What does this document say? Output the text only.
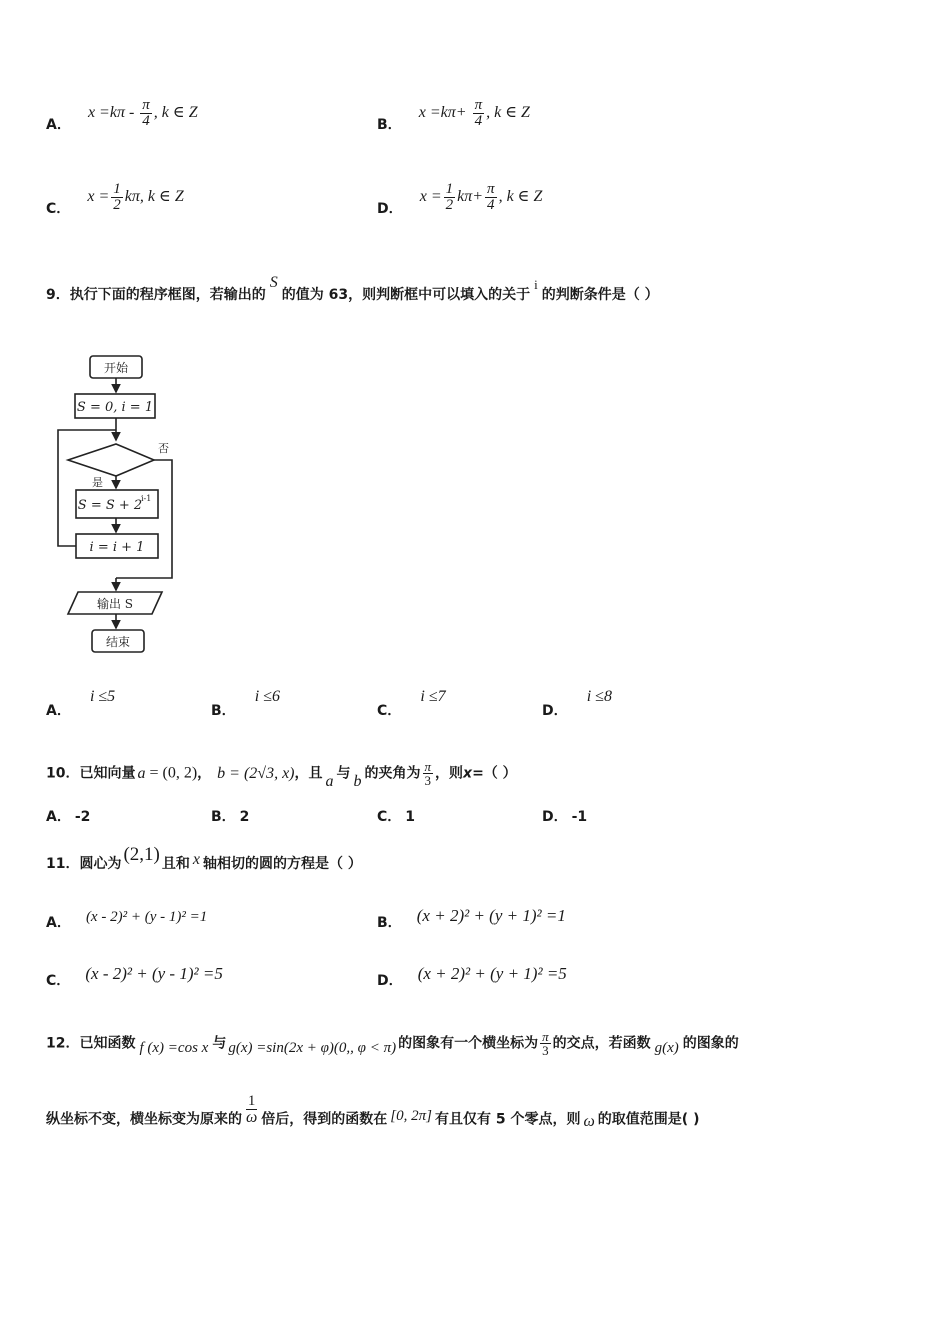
A． $x =k\pi - \frac{\pi}{4}$ , k ∈ Z
B． $x =k\pi+ \frac{\pi}{4}$ , k ∈ Z
C． $x = \frac{1}{2} k\pi$, k ∈ Z
D． $x = \frac{1}{2} k\pi+ \frac{\pi}{4}$ , k ∈ Z
9．执行下面的程序框图，若输出的S的值为 63，则判断框中可以填入的关于i的判断条件是（ ）
开始
S = 0, i = 1
否
是
S = S + 2
i-1
i = i + 1
输出 S
结束
A． i ≤5
B． i ≤6
C． i ≤7
D． i ≤8
10．已知向量 a = (0, 2)， b = (2√3, x)，且 a 与 b 的夹角为 $\frac{\pi}{3}$ ，则x=（ ）
A． -2	B． 2	C． 1	D． -1
11．圆心为 (2,1) 且和 x 轴相切的圆的方程是（ ）
A． (x - 2)² + (y - 1)² =1	B． (x + 2)² + (y + 1)² =1
C． (x - 2)² + (y - 1)² =5	D． (x + 2)² + (y + 1)² =5
12．已知函数 f (x) =cos x 与 g(x) =sin(2x + φ)(0,, φ < π) 的图象有一个横坐标为 $\frac{\pi}{3}$ 的交点，若函数 g(x) 的图象的
纵坐标不变，横坐标变为原来的 $\frac{1}{\omega}$ 倍后，得到的函数在 [0, 2π] 有且仅有 5 个零点，则 ω 的取值范围是( )
